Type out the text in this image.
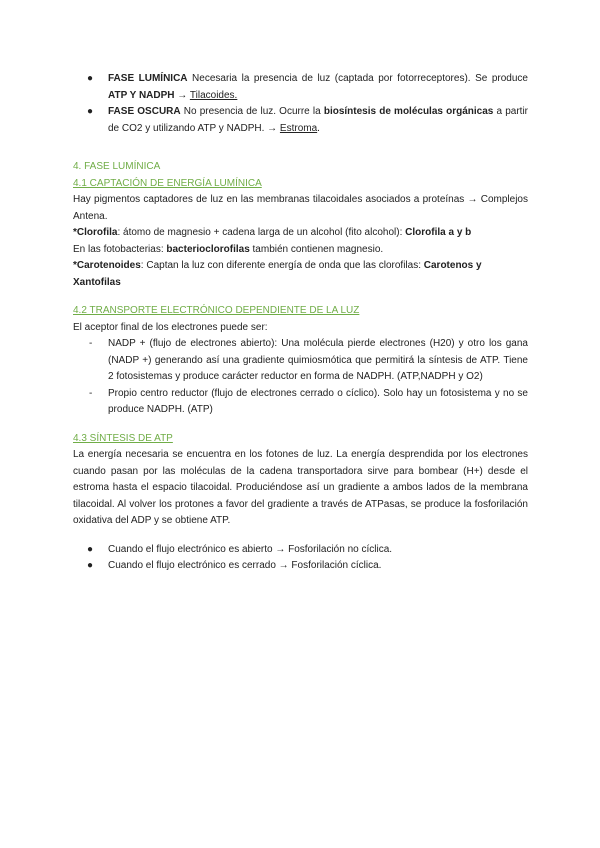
● FASE LUMÍNICA Necesaria la presencia de luz (captada por fotorreceptores). Se produce ATP Y NADPH → Tilacoides.
● FASE OSCURA No presencia de luz. Ocurre la biosíntesis de moléculas orgánicas a partir de CO2 y utilizando ATP y NADPH. → Estroma.

4. FASE LUMÍNICA

4.1 CAPTACIÓN DE ENERGÍA LUMÍNICA

Hay pigmentos captadores de luz en las membranas tilacoidales asociados a proteínas → Complejos Antena.

*Clorofila: átomo de magnesio + cadena larga de un alcohol (fito alcohol): Clorofila a y b

En las fotobacterias: bacterioclorofilas también contienen magnesio.

*Carotenoides: Captan la luz con diferente energía de onda que las clorofilas: Carotenos y Xantofilas

4.2 TRANSPORTE ELECTRÓNICO DEPENDIENTE DE LA LUZ

El aceptor final de los electrones puede ser:

- NADP + (flujo de electrones abierto): Una molécula pierde electrones (H20) y otro los gana (NADP +) generando así una gradiente quimiosmótica que permitirá la síntesis de ATP. Tiene 2 fotosistemas y produce carácter reductor en forma de NADPH. (ATP,NADPH y O2)
- Propio centro reductor (flujo de electrones cerrado o cíclico). Solo hay un fotosistema y no se produce NADPH. (ATP)

4.3 SÍNTESIS DE ATP

La energía necesaria se encuentra en los fotones de luz. La energía desprendida por los electrones cuando pasan por las moléculas de la cadena transportadora sirve para bombear (H+) desde el estroma hasta el espacio tilacoidal. Produciéndose así un gradiente a ambos lados de la membrana tilacoidal. Al volver los protones a favor del gradiente a través de ATPasas, se produce la fosforilación oxidativa del ADP y se obtiene ATP.

● Cuando el flujo electrónico es abierto → Fosforilación no cíclica.
● Cuando el flujo electrónico es cerrado → Fosforilación cíclica.
